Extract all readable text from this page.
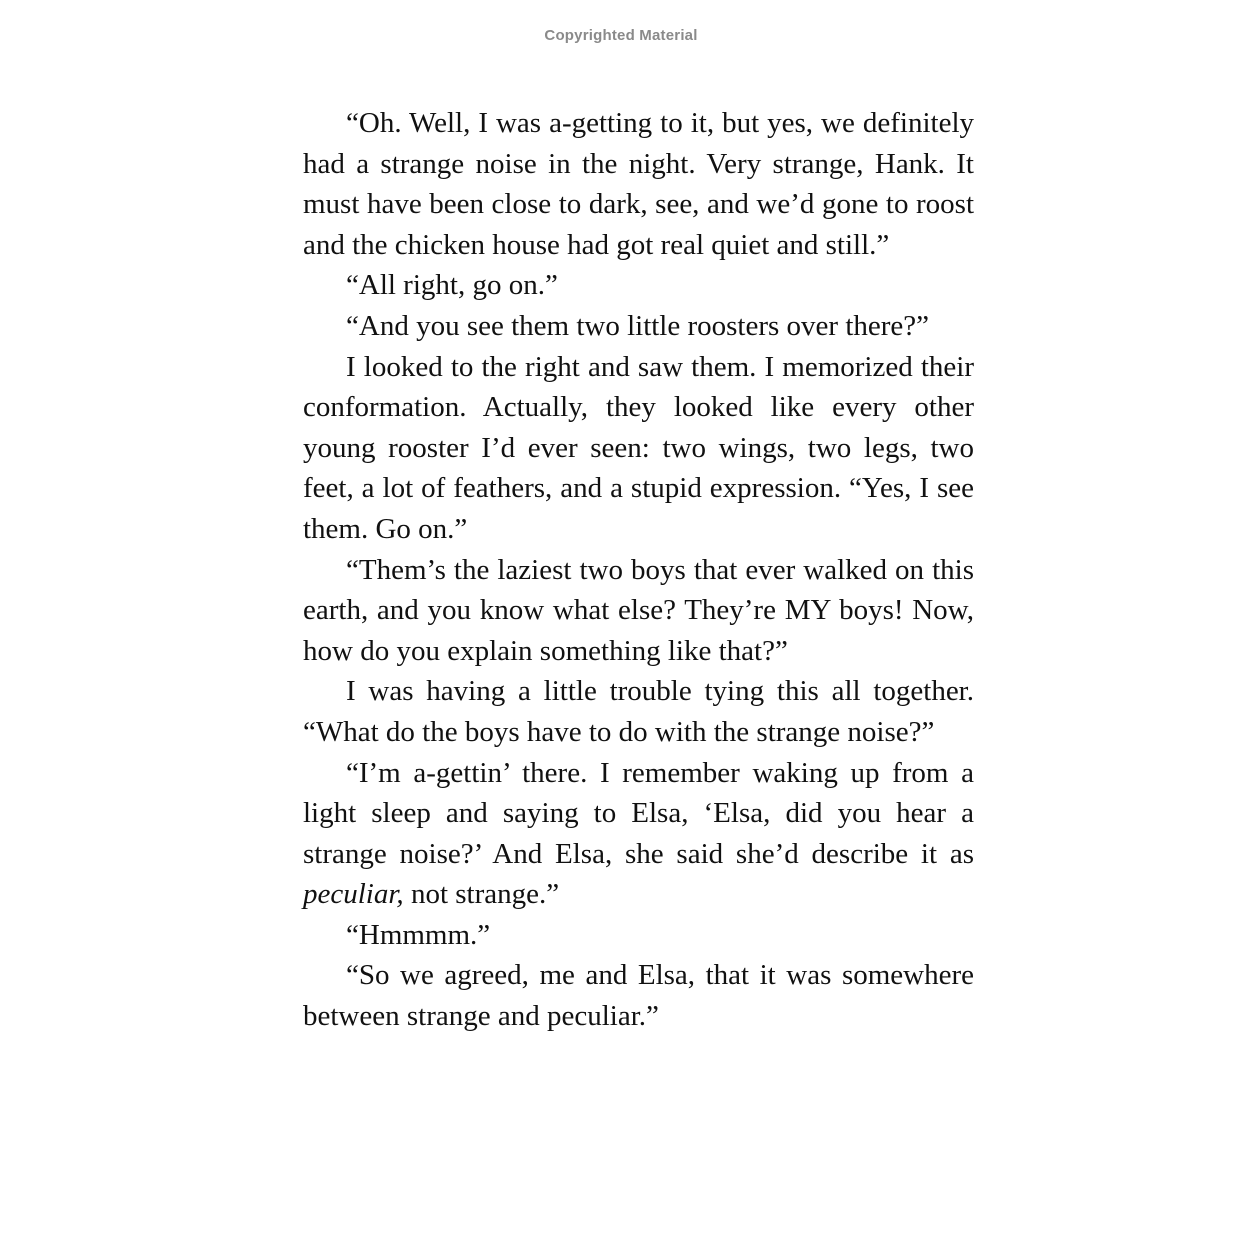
Copyrighted Material

“Oh. Well, I was a-getting to it, but yes, we definitely had a strange noise in the night. Very strange, Hank. It must have been close to dark, see, and we’d gone to roost and the chicken house had got real quiet and still.”

“All right, go on.”

“And you see them two little roosters over there?”

I looked to the right and saw them. I memorized their conformation. Actually, they looked like every other young rooster I’d ever seen: two wings, two legs, two feet, a lot of feathers, and a stupid expression. “Yes, I see them. Go on.”

“Them’s the laziest two boys that ever walked on this earth, and you know what else? They’re MY boys! Now, how do you explain something like that?”

I was having a little trouble tying this all together. “What do the boys have to do with the strange noise?”

“I’m a-gettin’ there. I remember waking up from a light sleep and saying to Elsa, ‘Elsa, did you hear a strange noise?’ And Elsa, she said she’d describe it as peculiar, not strange.”

“Hmmmm.”

“So we agreed, me and Elsa, that it was somewhere between strange and peculiar.”
